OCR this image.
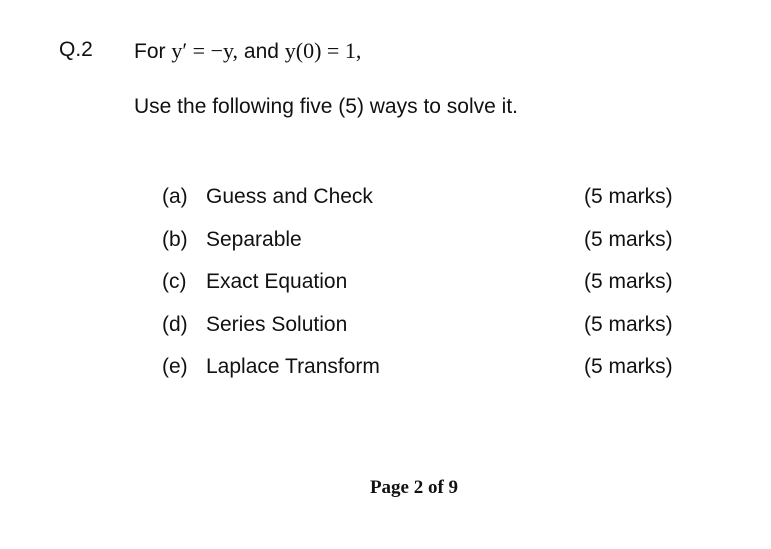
Q.2 For y′ = −y, and y(0) = 1,
Use the following five (5) ways to solve it.
(a) Guess and Check	(5 marks)
(b) Separable	(5 marks)
(c) Exact Equation	(5 marks)
(d) Series Solution	(5 marks)
(e) Laplace Transform	(5 marks)
Page 2 of 9
